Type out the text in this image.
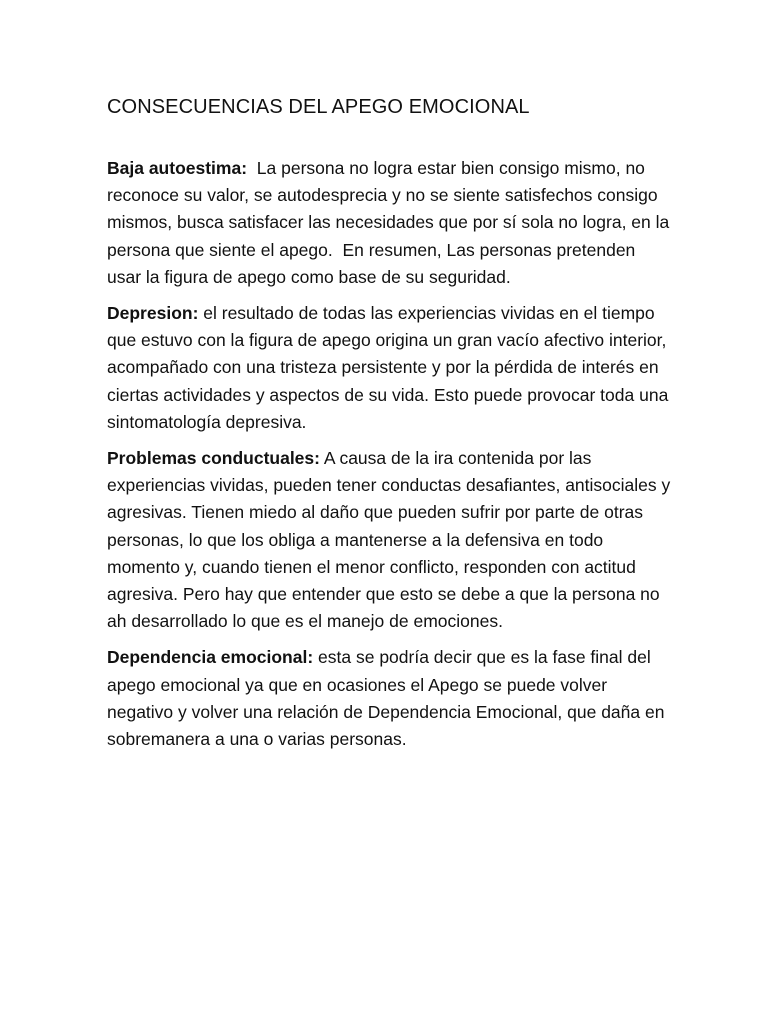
CONSECUENCIAS DEL APEGO EMOCIONAL

Baja autoestima:  La persona no logra estar bien consigo mismo, no reconoce su valor, se autodesprecia y no se siente satisfechos consigo mismos, busca satisfacer las necesidades que por sí sola no logra, en la persona que siente el apego.  En resumen, Las personas pretenden usar la figura de apego como base de su seguridad.

Depresion: el resultado de todas las experiencias vividas en el tiempo que estuvo con la figura de apego origina un gran vacío afectivo interior, acompañado con una tristeza persistente y por la pérdida de interés en ciertas actividades y aspectos de su vida. Esto puede provocar toda una sintomatología depresiva.

Problemas conductuales: A causa de la ira contenida por las experiencias vividas, pueden tener conductas desafiantes, antisociales y agresivas. Tienen miedo al daño que pueden sufrir por parte de otras personas, lo que los obliga a mantenerse a la defensiva en todo momento y, cuando tienen el menor conflicto, responden con actitud agresiva. Pero hay que entender que esto se debe a que la persona no ah desarrollado lo que es el manejo de emociones.

Dependencia emocional: esta se podría decir que es la fase final del apego emocional ya que en ocasiones el Apego se puede volver negativo y volver una relación de Dependencia Emocional, que daña en sobremanera a una o varias personas.
